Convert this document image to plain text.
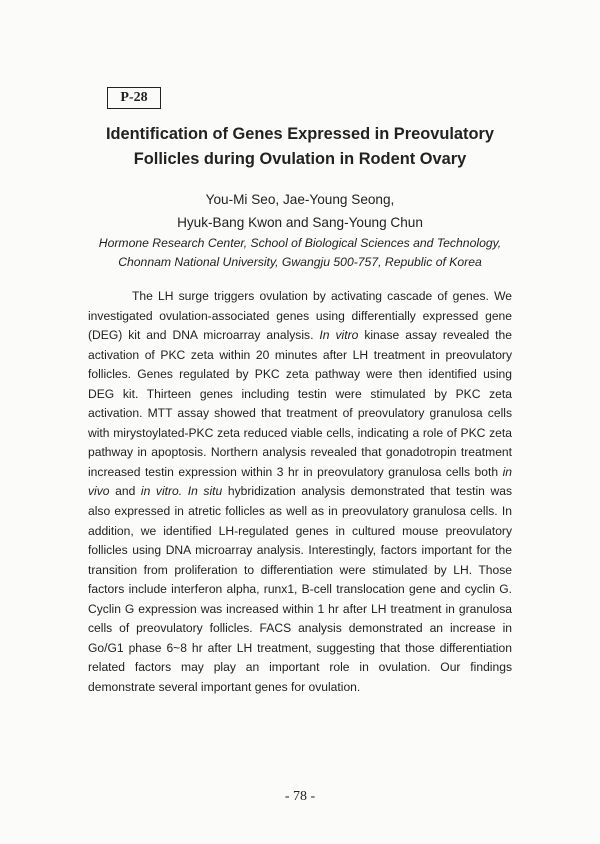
P-28
Identification of Genes Expressed in Preovulatory
Follicles during Ovulation in Rodent Ovary
You-Mi Seo, Jae-Young Seong,
Hyuk-Bang Kwon and Sang-Young Chun
Hormone Research Center, School of Biological Sciences and Technology,
Chonnam National University, Gwangju 500-757, Republic of Korea

The LH surge triggers ovulation by activating cascade of genes. We investigated ovulation-associated genes using differentially expressed gene (DEG) kit and DNA microarray analysis. In vitro kinase assay revealed the activation of PKC zeta within 20 minutes after LH treatment in preovulatory follicles. Genes regulated by PKC zeta pathway were then identified using DEG kit. Thirteen genes including testin were stimulated by PKC zeta activation. MTT assay showed that treatment of preovulatory granulosa cells with mirystoylated-PKC zeta reduced viable cells, indicating a role of PKC zeta pathway in apoptosis. Northern analysis revealed that gonadotropin treatment increased testin expression within 3 hr in preovulatory granulosa cells both in vivo and in vitro. In situ hybridization analysis demonstrated that testin was also expressed in atretic follicles as well as in preovulatory granulosa cells. In addition, we identified LH-regulated genes in cultured mouse preovulatory follicles using DNA microarray analysis. Interestingly, factors important for the transition from proliferation to differentiation were stimulated by LH. Those factors include interferon alpha, runx1, B-cell translocation gene and cyclin G. Cyclin G expression was increased within 1 hr after LH treatment in granulosa cells of preovulatory follicles. FACS analysis demonstrated an increase in Go/G1 phase 6~8 hr after LH treatment, suggesting that those differentiation related factors may play an important role in ovulation. Our findings demonstrate several important genes for ovulation.

- 78 -
